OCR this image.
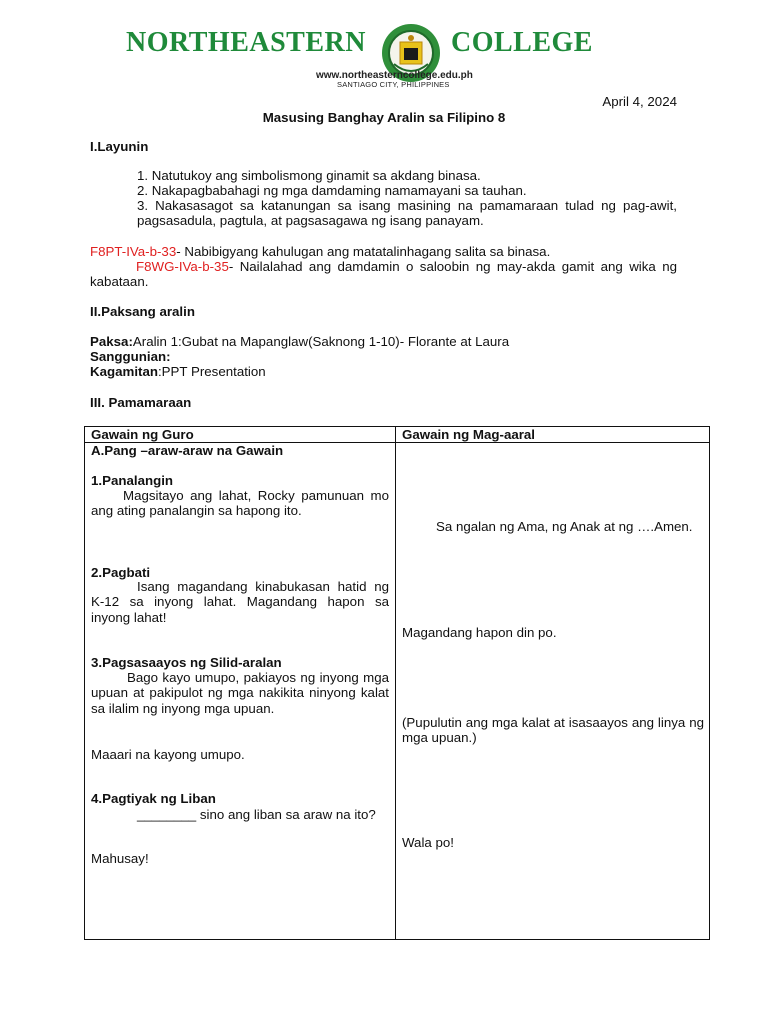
NORTHEASTERN	COLLEGE
www.northeasterncollege.edu.ph
SANTIAGO CITY, PHILIPPINES
April 4, 2024
Masusing Banghay Aralin sa Filipino 8
I.Layunin
1. Natutukoy ang simbolismong ginamit sa akdang binasa.
2. Nakapagbabahagi ng mga damdaming namamayani sa tauhan.
3. Nakasasagot sa katanungan sa isang masining na pamamaraan tulad ng pag-awit, pagsasadula, pagtula, at pagsasagawa ng isang panayam.
F8PT-IVa-b-33- Nabibigyang kahulugan ang matatalinhagang salita sa binasa.
F8WG-IVa-b-35- Nailalahad ang damdamin o saloobin ng may-akda gamit ang wika ng kabataan.
II.Paksang aralin
Paksa:Aralin 1:Gubat na Mapanglaw(Saknong 1-10)- Florante at Laura
Sanggunian:
Kagamitan:PPT Presentation
III. Pamamaraan
Gawain ng Guro	Gawain ng Mag-aaral
A.Pang –araw-araw na Gawain
1.Panalangin
Magsitayo ang lahat, Rocky pamunuan mo ang ating panalangin sa hapong ito.
2.Pagbati
Isang magandang kinabukasan hatid ng K-12 sa inyong lahat. Magandang hapon sa inyong lahat!
3.Pagsasaayos ng Silid-aralan
Bago kayo umupo, pakiayos ng inyong mga upuan at pakipulot ng mga nakikita ninyong kalat sa ilalim ng inyong mga upuan.
Maaari na kayong umupo.
4.Pagtiyak ng Liban
________ sino ang liban sa araw na ito?
Mahusay!
Sa ngalan ng Ama, ng Anak at ng ….Amen.
Magandang hapon din po.
(Pupulutin ang mga kalat at isasaayos ang linya ng mga upuan.)
Wala po!
